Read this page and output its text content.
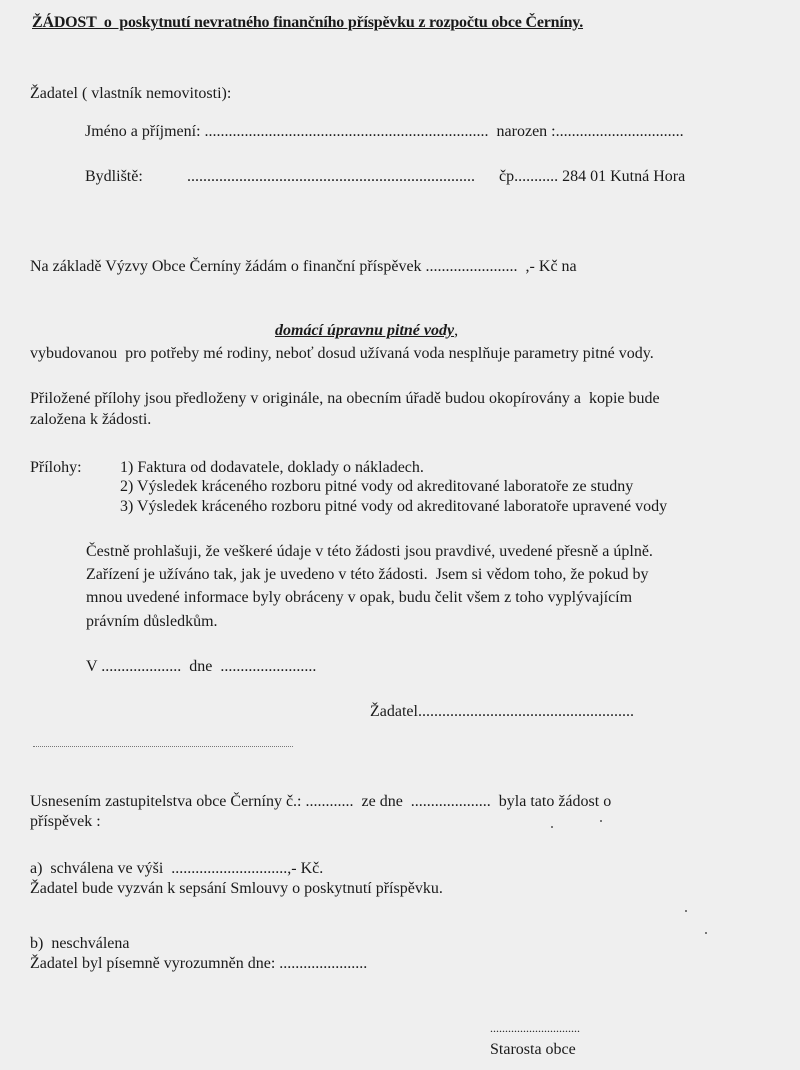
ŽÁDOST  o  poskytnutí nevratného finančního příspěvku z rozpočtu obce Černíny.
Žadatel ( vlastník nemovitosti):
Jméno a příjmení: .......................................................................  narozen :................................
Bydliště:	........................................................................      čp........... 284 01 Kutná Hora
Na základě Výzvy Obce Černíny žádám o finanční příspěvek .......................  ,- Kč na

domácí úpravnu pitné vody,

vybudovanou  pro potřeby mé rodiny, neboť dosud užívaná voda nesplňuje parametry pitné vody.
Přiložené přílohy jsou předloženy v originále, na obecním úřadě budou okopírovány a  kopie bude
založena k žádosti.
Přílohy: 1) Faktura od dodavatele, doklady o nákladech.
2) Výsledek kráceného rozboru pitné vody od akreditované laboratoře ze studny
3) Výsledek kráceného rozboru pitné vody od akreditované laboratoře upravené vody
Čestně prohlašuji, že veškeré údaje v této žádosti jsou pravdivé, uvedené přesně a úplně.
Zařízení je užíváno tak, jak je uvedeno v této žádosti.  Jsem si vědom toho, že pokud by
mnou uvedené informace byly obráceny v opak, budu čelit všem z toho vyplývajícím
právním důsledkům.
V ....................  dne  ........................
Žadatel......................................................
Usnesením zastupitelstva obce Černíny č.: ............  ze dne  ....................  byla tato žádost o
příspěvek :
a)  schválena ve výši  .............................,- Kč.
Žadatel bude vyzván k sepsání Smlouvy o poskytnutí příspěvku.
b)  neschválena
Žadatel byl písemně vyrozumněn dne: ......................
..............................
Starosta obce
